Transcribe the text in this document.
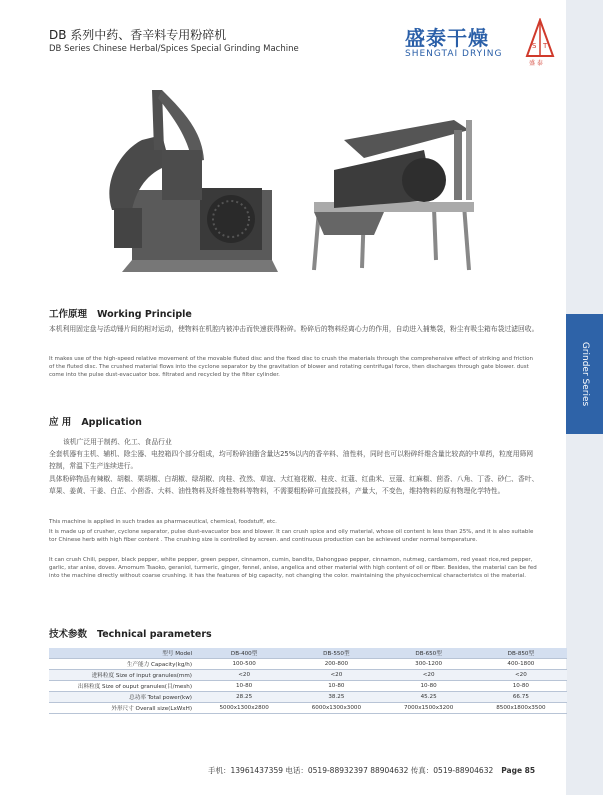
Grinder Series
DB 系列中药、香辛料专用粉碎机
DB Series Chinese Herbal/Spices Special Grinding Machine	盛泰干燥
SHENGTAI DRYING
S T
盛 泰
工作原理 Working Principle
本机利用固定盘与活动锤片间的相对运动，使物料在机腔内被冲击而快速获得粉碎。粉碎后的物料经离心力的作用，自动进入捕集袋，粉尘有吸尘箱布袋过滤回收。
It makes use of the high-speed relative movement of the movable fluted disc and the fixed disc to crush the materials through the comprehensive effect of striking and friction of the fluted disc. The crushed material flows into the cyclone separator by the gravitation of blower and rotating centrifugal force, then discharges through gate blower. dust come into the pulse dust-evacuator box. filtrated and recycled by the filter cylinder.
应 用 Application
该机广泛用于制药、化工、食品行业
全套机器有主机、辅机、除尘器、电控箱四个部分组成，均可粉碎油脂含量达25%以内的香辛料、油性料，同时也可以粉碎纤维含量比较高的中草药，粒度用筛网控制，常温下生产连续进行。
具体粉碎物品有辣椒、胡椒、栗胡椒、白胡椒、绿胡椒、肉桂、孜然、草寇、大红袍花椒、桂皮、红蔻、红曲米、豆蔻、红麻椒、茴香、八角、丁香、砂仁、香叶、草果、姜黄、干姜、白芷、小茴香、大料、油性物料及纤维性物料等物料，不需要粗粉碎可直接投料，产量大，不变色，维持物料的原有物理化学特性。
This machine is applied in such trades as pharmaceutical, chemical, foodstuff, etc.
It is made up of crusher, cyclone separator, pulse dust-evacuator box and blower. It can crush spice and oily material, whose oil content is less than 25%, and it is also suitable tor Chinese herb with high fiber content . The crushing size is controlled by screen. and continuous production can be achieved under normal temperature.
It can crush Chili, pepper, black pepper, white pepper, green pepper, cinnamon, cumin, bandits, Dahongpao pepper, cinnamon, nutmeg, cardamom, red yeast rice,red pepper, garlic, star anise, doves. Amomum Tsaoko, geraniol, turmeric, ginger, fennel, anise, angelica and other material with high content of oil or fiber. Besides, the material can be fed into the machine directly without coarse crushing. it has the features of big capacity, not changing the color. maintaining the physicochemical characteristcs oi the material.
技术参数 Technical parameters
型号 Model	DB-400型	DB-550型	DB-650型	DB-850型
生产能力 Capacity(kg/h)	100-500	200-800	300-1200	400-1800
进料粒度 Size of input granules(mm)	<20	<20	<20	<20
出料粒度 Size of ouput granules(目/mesh)	10-80	10-80	10-80	10-80
总功率 Total power(kw)	28.25	38.25	45.25	66.75
外形尺寸 Overall size(LxWxH)	5000x1300x2800	6000x1300x3000	7000x1500x3200	8500x1800x3500
手机：13961437359 电话：0519-88932397 88904632 传真：0519-88904632 Page 85
